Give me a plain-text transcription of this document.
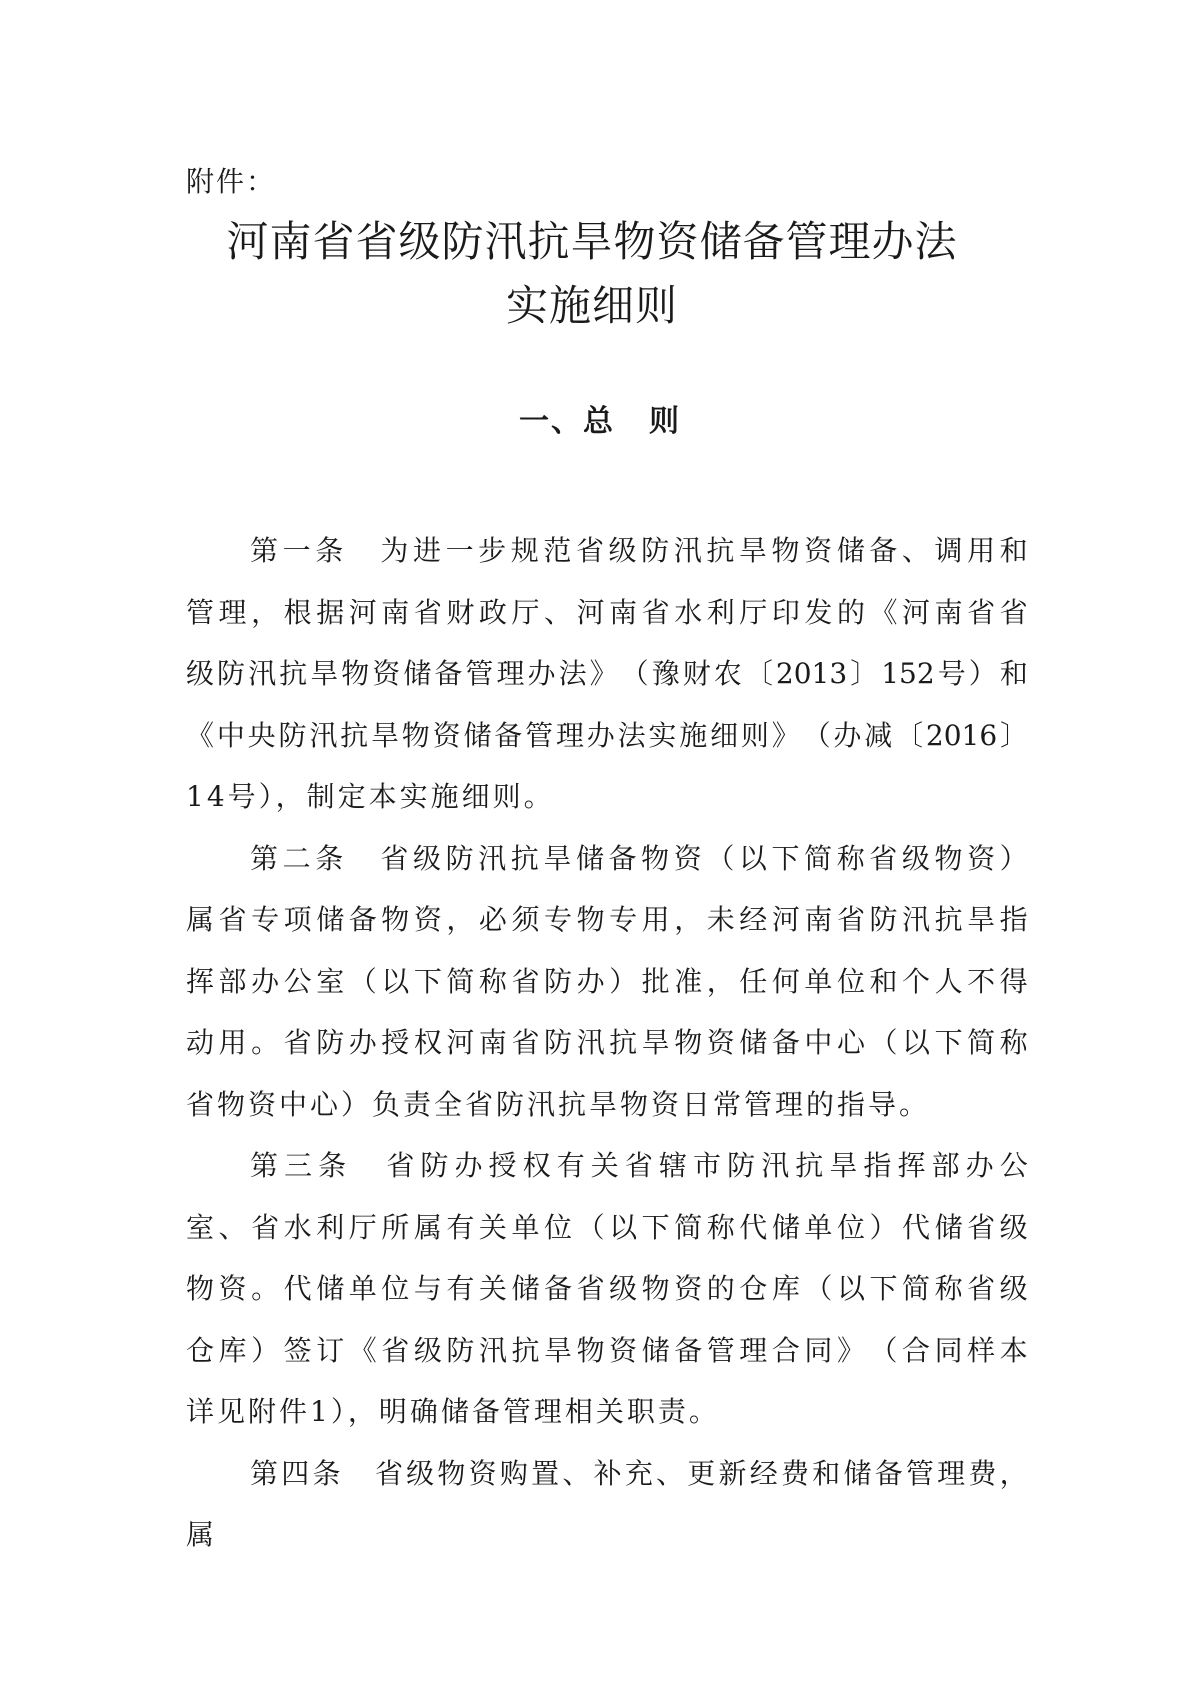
附件：
河南省省级防汛抗旱物资储备管理办法
实施细则
一、总 则
第 一 条
　 为 进 一 步 规 范 省 级 防 汛 抗 旱 物 资 储 备 、 调 用 和
管 理 ， 根 据 河 南 省 财 政 厅 、 河 南 省 水 利 厅 印 发 的 《 河 南 省 省
级 防 汛 抗 旱 物 资 储 备 管 理 办 法 》 （ 豫 财 农 〔 2013 〕 152 号 ） 和
《 中 央 防 汛 抗 旱 物 资 储 备 管 理 办 法 实 施 细 则 》 （ 办 减 〔 2016 〕
14号），制定本实施细则。
第 二 条
　 省 级 防 汛 抗 旱 储 备 物 资 （ 以 下 简 称 省 级 物 资 ）
属 省 专 项 储 备 物 资 ， 必 须 专 物 专 用 ， 未 经 河 南 省 防 汛 抗 旱 指
挥 部 办 公 室 （ 以 下 简 称 省 防 办 ） 批 准 ， 任 何 单 位 和 个 人 不 得
动 用 。 省 防 办 授 权 河 南 省 防 汛 抗 旱 物 资 储 备 中 心 （ 以 下 简 称
省物资中心）负责全省防汛抗旱物资日常管理的指导。
第 三 条
　 省 防 办 授 权 有 关 省 辖 市 防 汛 抗 旱 指 挥 部 办 公
室 、 省 水 利 厅 所 属 有 关 单 位 （ 以 下 简 称 代 储 单 位 ） 代 储 省 级
物 资 。 代 储 单 位 与 有 关 储 备 省 级 物 资 的 仓 库 （ 以 下 简 称 省 级
仓 库 ） 签 订 《 省 级 防 汛 抗 旱 物 资 储 备 管 理 合 同 》 （ 合 同 样 本
详见附件1），明确储备管理相关职责。
第 四 条
　 省 级 物 资 购 置 、 补 充 、 更 新 经 费 和 储 备 管 理 费 ，
属
